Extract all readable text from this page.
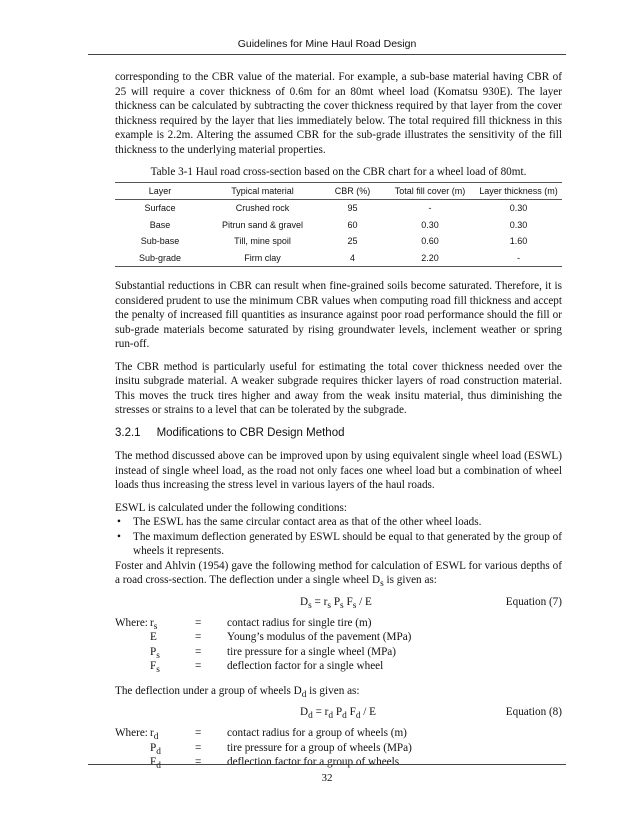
Guidelines for Mine Haul Road Design

corresponding to the CBR value of the material. For example, a sub-base material having CBR of 25 will require a cover thickness of 0.6m for an 80mt wheel load (Komatsu 930E). The layer thickness can be calculated by subtracting the cover thickness required by that layer from the cover thickness required by the layer that lies immediately below. The total required fill thickness in this example is 2.2m. Altering the assumed CBR for the sub-grade illustrates the sensitivity of the fill thickness to the underlying material properties.

Table 3-1 Haul road cross-section based on the CBR chart for a wheel load of 80mt.
Layer	Typical material	CBR (%)	Total fill cover (m)	Layer thickness (m)
Surface	Crushed rock	95	-	0.30
Base	Pitrun sand & gravel	60	0.30	0.30
Sub-base	Till, mine spoil	25	0.60	1.60
Sub-grade	Firm clay	4	2.20	-

Substantial reductions in CBR can result when fine-grained soils become saturated. Therefore, it is considered prudent to use the minimum CBR values when computing road fill thickness and accept the penalty of increased fill quantities as insurance against poor road performance should the fill or sub-grade materials become saturated by rising groundwater levels, inclement weather or spring run-off.

The CBR method is particularly useful for estimating the total cover thickness needed over the insitu subgrade material. A weaker subgrade requires thicker layers of road construction material. This moves the truck tires higher and away from the weak insitu material, thus diminishing the stresses or strains to a level that can be tolerated by the subgrade.

3.2.1 Modifications to CBR Design Method

The method discussed above can be improved upon by using equivalent single wheel load (ESWL) instead of single wheel load, as the road not only faces one wheel load but a combination of wheel loads thus increasing the stress level in various layers of the haul roads.

ESWL is calculated under the following conditions:

• The ESWL has the same circular contact area as that of the other wheel loads.
• The maximum deflection generated by ESWL should be equal to that generated by the group of wheels it represents.

Foster and Ahlvin (1954) gave the following method for calculation of ESWL for various depths of a road cross-section. The deflection under a single wheel $D_s$ is given as:

$D_s = r_s$ $P_s$ $F_s$ / E	Equation (7)
Where: $r_s$	= contact radius for single tire (m)
E	= Young’s modulus of the pavement (MPa)
$P_s$	= tire pressure for a single wheel (MPa)
$F_s$	= deflection factor for a single wheel

The deflection under a group of wheels $D_d$ is given as:

$D_d = r_d$ $P_d$ $F_d$ / E	Equation (8)
Where: $r_d$	= contact radius for a group of wheels (m)
$P_d$	= tire pressure for a group of wheels (MPa)
$F_d$	= deflection factor for a group of wheels
32
